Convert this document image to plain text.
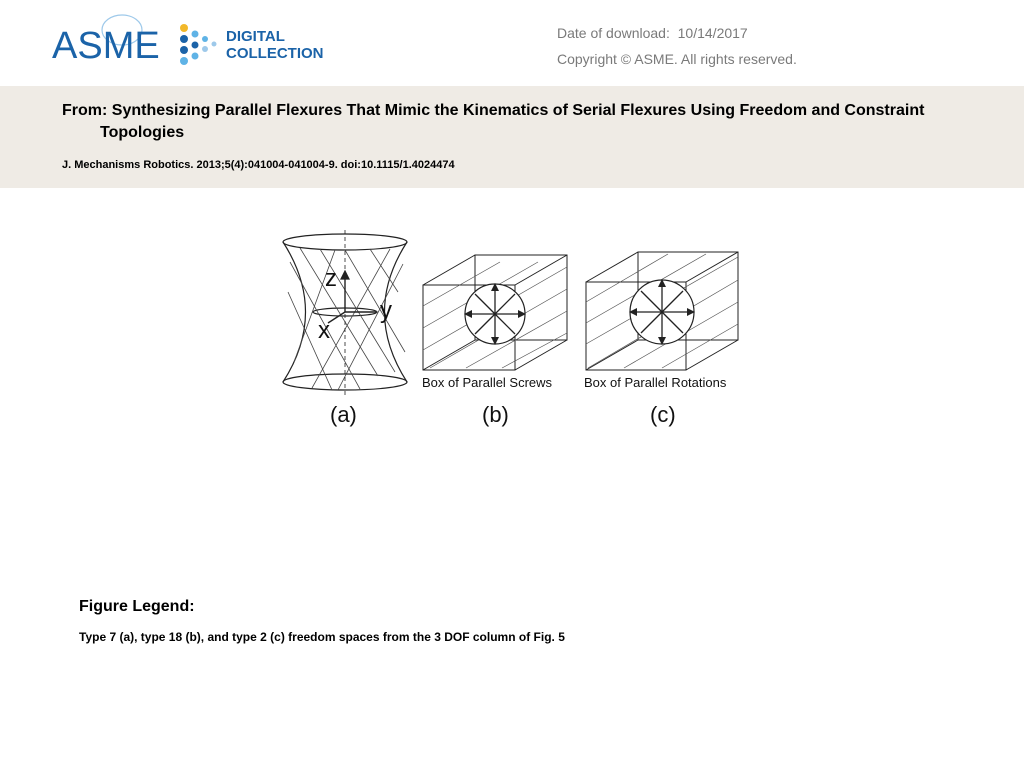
ASME	DIGITAL
COLLECTION
Date of download: 10/14/2017
Copyright © ASME. All rights reserved.
From: Synthesizing Parallel Flexures That Mimic the Kinematics of Serial Flexures Using Freedom and Constraint Topologies
J. Mechanisms Robotics. 2013;5(4):041004-041004-9. doi:10.1115/1.4024474
z
y
x
(a)
Box of Parallel Screws
(b)
Box of Parallel Rotations
(c)
Figure Legend:
Type 7 (a), type 18 (b), and type 2 (c) freedom spaces from the 3 DOF column of Fig. 5
